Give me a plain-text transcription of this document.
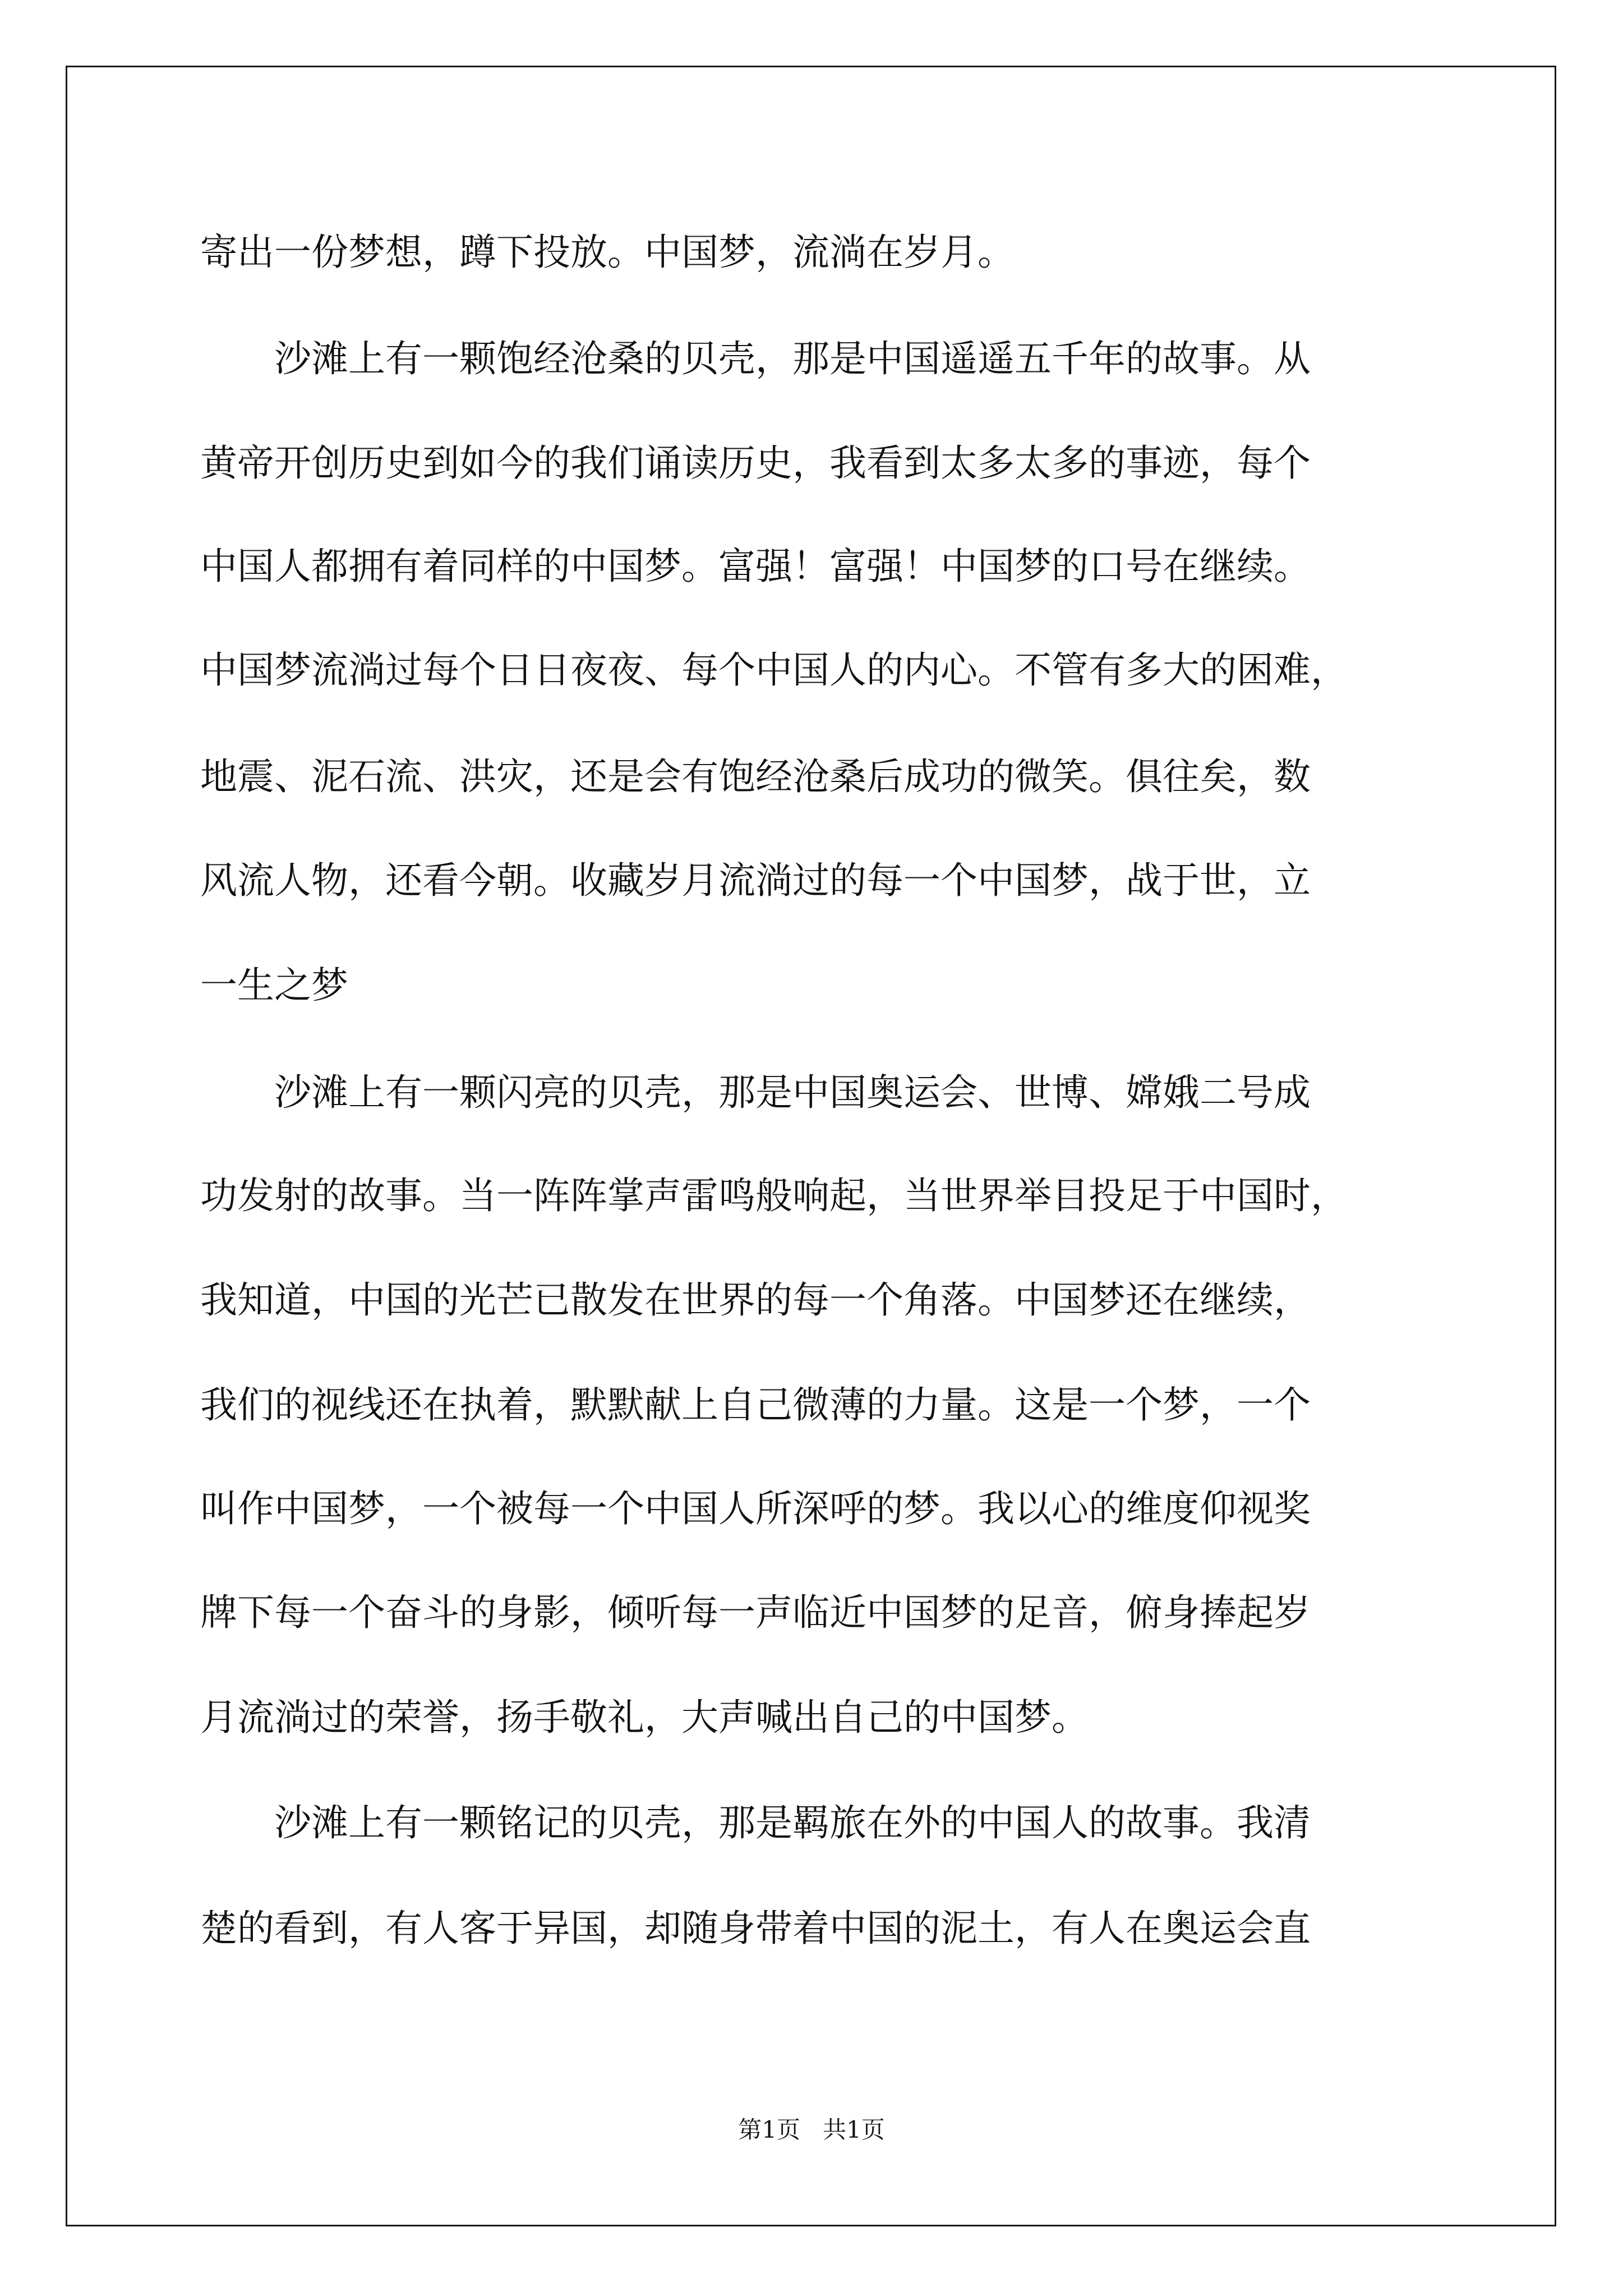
寄出一份梦想，蹲下投放。中国梦，流淌在岁月。
　　沙滩上有一颗饱经沧桑的贝壳，那是中国遥遥五千年的故事。从
黄帝开创历史到如今的我们诵读历史，我看到太多太多的事迹，每个
中国人都拥有着同样的中国梦。富强！富强！中国梦的口号在继续。
中国梦流淌过每个日日夜夜、每个中国人的内心。不管有多大的困难，
地震、泥石流、洪灾，还是会有饱经沧桑后成功的微笑。俱往矣，数
风流人物，还看今朝。收藏岁月流淌过的每一个中国梦，战于世，立
一生之梦
　　沙滩上有一颗闪亮的贝壳，那是中国奥运会、世博、嫦娥二号成
功发射的故事。当一阵阵掌声雷鸣般响起，当世界举目投足于中国时，
我知道，中国的光芒已散发在世界的每一个角落。中国梦还在继续，
我们的视线还在执着，默默献上自己微薄的力量。这是一个梦，一个
叫作中国梦，一个被每一个中国人所深呼的梦。我以心的维度仰视奖
牌下每一个奋斗的身影，倾听每一声临近中国梦的足音，俯身捧起岁
月流淌过的荣誉，扬手敬礼，大声喊出自己的中国梦。
　　沙滩上有一颗铭记的贝壳，那是羁旅在外的中国人的故事。我清
楚的看到，有人客于异国，却随身带着中国的泥土，有人在奥运会直
第1页   共1页
